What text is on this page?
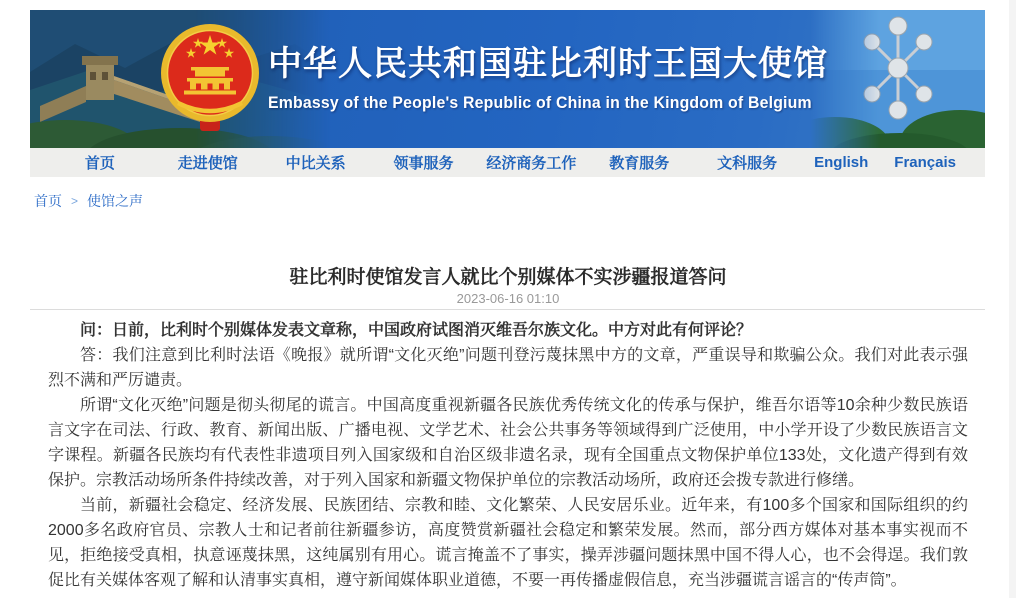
中华人民共和国驻比利时王国大使馆
Embassy of the People's Republic of China in the Kingdom of Belgium
首页	走进使馆	中比关系	领事服务	经济商务工作	教育服务	文科服务	English	Français
首页 > 使馆之声
驻比利时使馆发言人就比个别媒体不实涉疆报道答问
2023-06-16 01:10

问：日前，比利时个别媒体发表文章称，中国政府试图消灭维吾尔族文化。中方对此有何评论？

答：我们注意到比利时法语《晚报》就所谓“文化灭绝”问题刊登污蔑抹黑中方的文章，严重误导和欺骗公众。我们对此表示强烈不满和严厉谴责。

所谓“文化灭绝”问题是彻头彻尾的谎言。中国高度重视新疆各民族优秀传统文化的传承与保护，维吾尔语等10余种少数民族语言文字在司法、行政、教育、新闻出版、广播电视、文学艺术、社会公共事务等领域得到广泛使用，中小学开设了少数民族语言文字课程。新疆各民族均有代表性非遗项目列入国家级和自治区级非遗名录，现有全国重点文物保护单位133处，文化遗产得到有效保护。宗教活动场所条件持续改善，对于列入国家和新疆文物保护单位的宗教活动场所，政府还会拨专款进行修缮。

当前，新疆社会稳定、经济发展、民族团结、宗教和睦、文化繁荣、人民安居乐业。近年来，有100多个国家和国际组织的约2000多名政府官员、宗教人士和记者前往新疆参访，高度赞赏新疆社会稳定和繁荣发展。然而，部分西方媒体对基本事实视而不见，拒绝接受真相，执意诬蔑抹黑，这纯属别有用心。谎言掩盖不了事实，操弄涉疆问题抹黑中国不得人心，也不会得逞。我们敦促比有关媒体客观了解和认清事实真相，遵守新闻媒体职业道德，不要一再传播虚假信息，充当涉疆谎言谣言的“传声筒”。
